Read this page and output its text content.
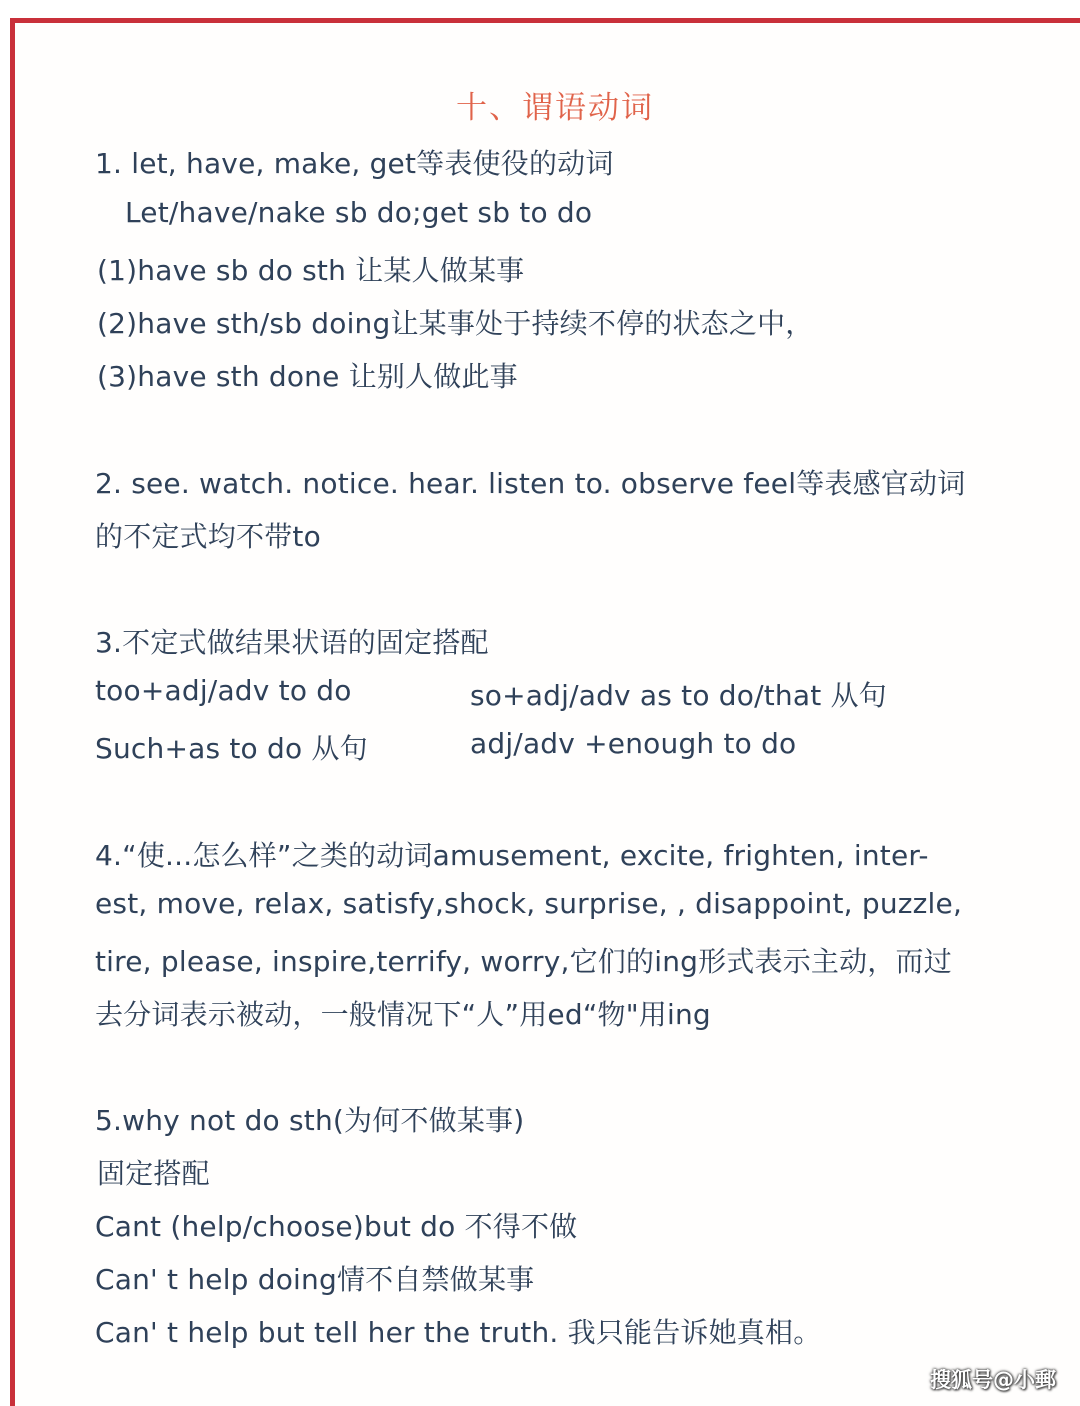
十、谓语动词
1. let, have, make, get等表使役的动词
Let/have/nake sb do;get sb to do
(1)have sb do sth 让某人做某事
(2)have sth/sb doing让某事处于持续不停的状态之中，
(3)have sth done 让别人做此事
2. see. watch. notice. hear. listen to. observe feel等表感官动词
的不定式均不带to
3.不定式做结果状语的固定搭配
too+adj/adv to do	so+adj/adv as to do/that 从句
Such+as to do 从句	adj/adv +enough to do
4.“使...怎么样”之类的动词amusement, excite, frighten, inter-
est, move, relax, satisfy,shock, surprise, , disappoint, puzzle,
tire, please, inspire,terrify, worry,它们的ing形式表示主动，而过
去分词表示被动，一般情况下“人”用ed“物"用ing
5.why not do sth(为何不做某事)
固定搭配
Cant (help/choose)but do 不得不做
Can' t help doing情不自禁做某事
Can' t help but tell her the truth. 我只能告诉她真相。
搜狐号@小郵
